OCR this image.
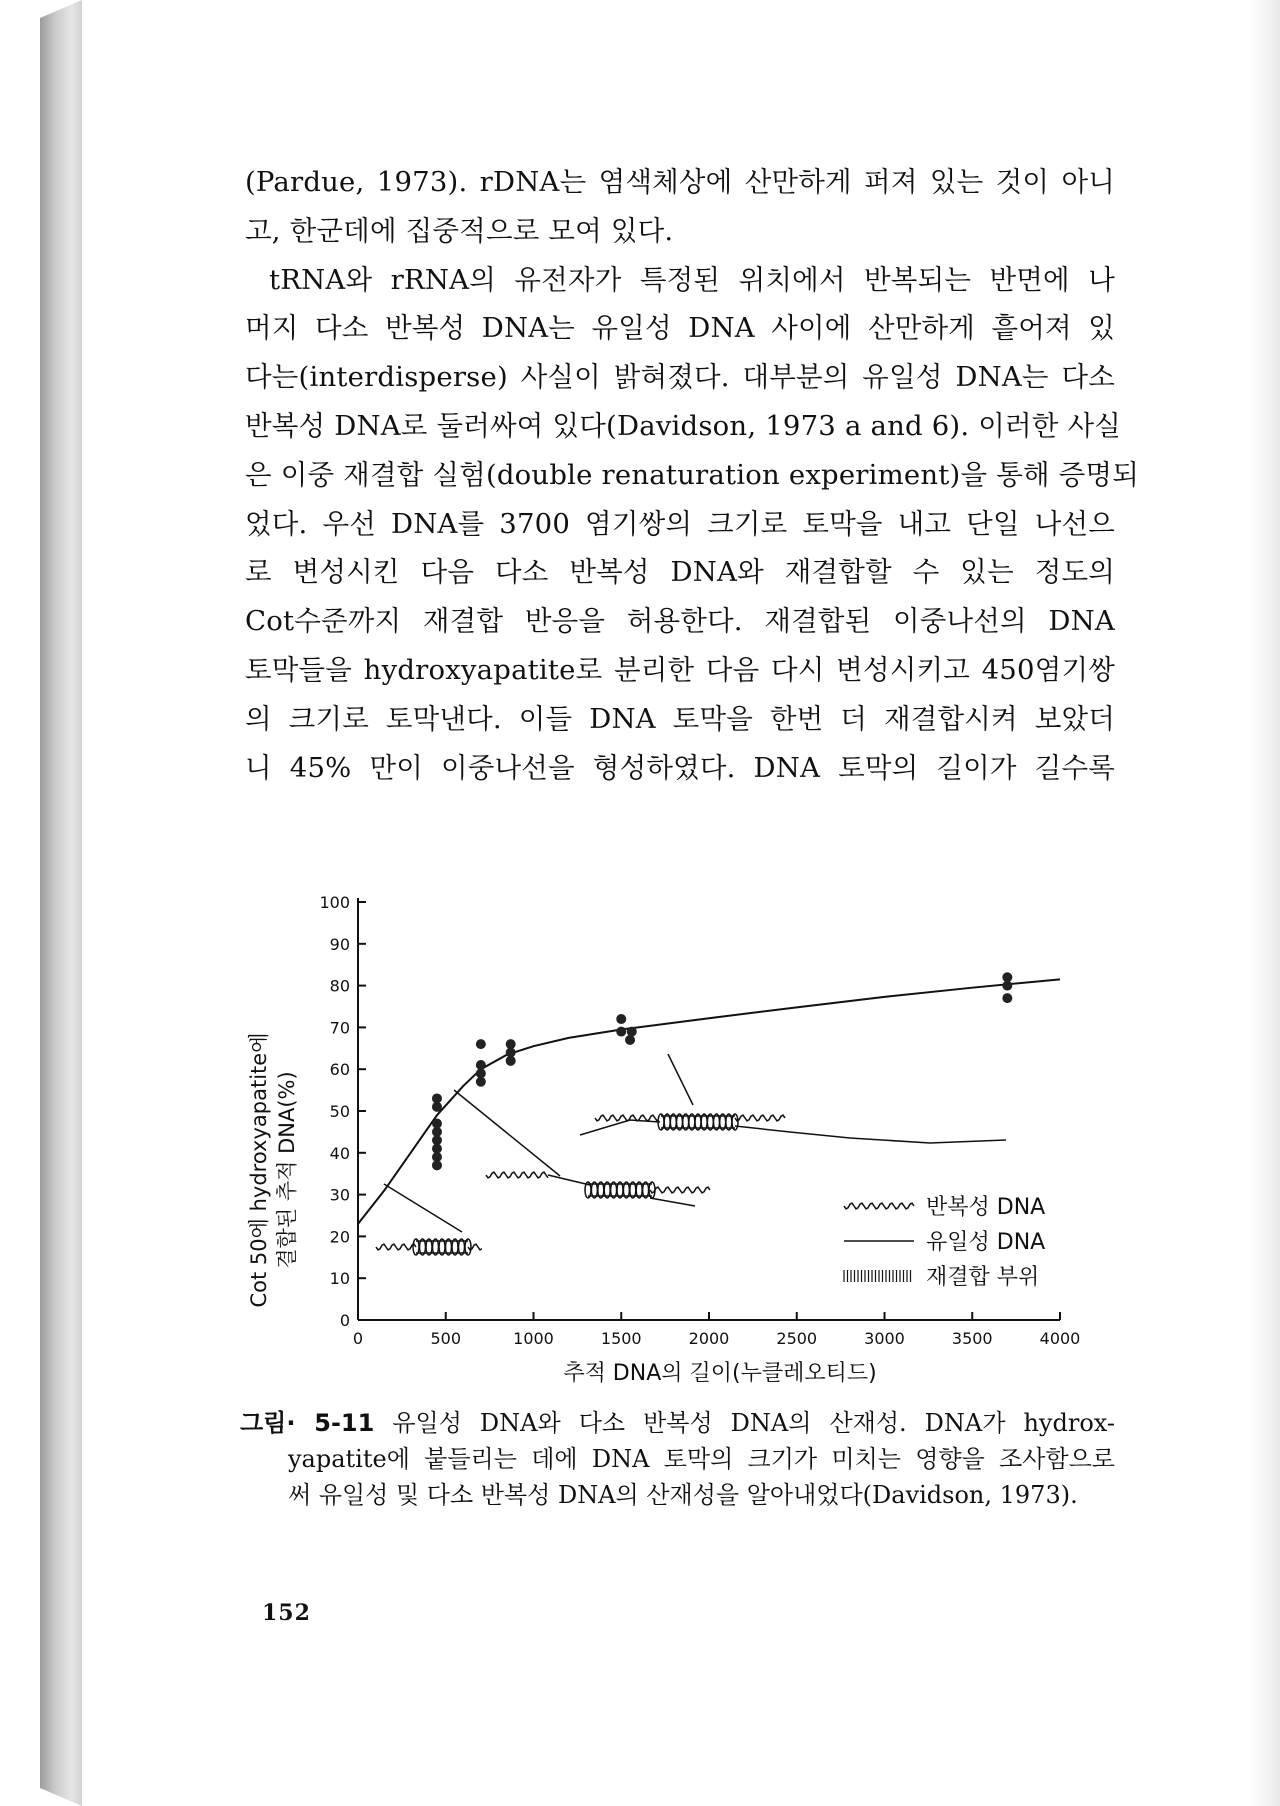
(Pardue, 1973). rDNA는 염색체상에 산만하게 퍼져 있는 것이 아니
고, 한군데에 집중적으로 모여 있다.
tRNA와 rRNA의 유전자가 특정된 위치에서 반복되는 반면에 나
머지 다소 반복성 DNA는 유일성 DNA 사이에 산만하게 흩어져 있
다는(interdisperse) 사실이 밝혀졌다. 대부분의 유일성 DNA는 다소
반복성 DNA로 둘러싸여 있다(Davidson, 1973 a and 6). 이러한 사실
은 이중 재결합 실험(double renaturation experiment)을 통해 증명되
었다. 우선 DNA를 3700 염기쌍의 크기로 토막을 내고 단일 나선으
로 변성시킨 다음 다소 반복성 DNA와 재결합할 수 있는 정도의
Cot수준까지 재결합 반응을 허용한다. 재결합된 이중나선의 DNA
토막들을 hydroxyapatite로 분리한 다음 다시 변성시키고 450염기쌍
의 크기로 토막낸다. 이들 DNA 토막을 한번 더 재결합시켜 보았더
니 45% 만이 이중나선을 형성하였다. DNA 토막의 길이가 길수록
0
10
20
30
40
50
60
70
80
90
100
0	500	1000	1500	2000	2500	3000	3500	4000
반복성 DNA
유일성 DNA
재결합 부위
Cot 50에 hydroxyapatite에 결합된 추적 DNA(%)
추적 DNA의 길이(누클레오티드)
그림· 5-11 유일성 DNA와 다소 반복성 DNA의 산재성. DNA가 hydrox-
yapatite에 붙들리는 데에 DNA 토막의 크기가 미치는 영향을 조사함으로
써 유일성 및 다소 반복성 DNA의 산재성을 알아내었다(Davidson, 1973).
152
